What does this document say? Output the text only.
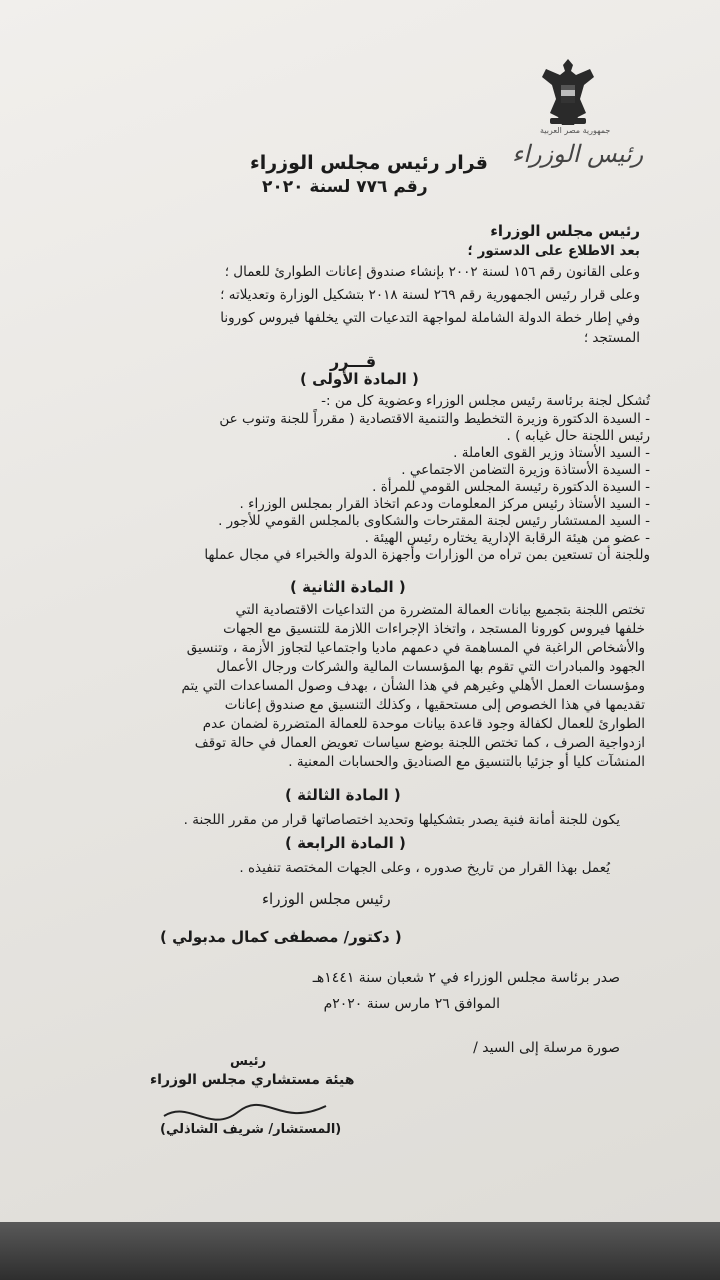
جمهورية مصر العربية
رئيس الوزراء
قرار رئيس مجلس الوزراء
رقم ٧٧٦ لسنة ٢٠٢٠
رئيس مجلس الوزراء
بعد الاطلاع على الدستور ؛
وعلى القانون رقم ١٥٦ لسنة ٢٠٠٢ بإنشاء صندوق إعانات الطوارئ للعمال ؛
وعلى قرار رئيس الجمهورية رقم ٢٦٩ لسنة ٢٠١٨ بتشكيل الوزارة وتعديلاته ؛
وفي إطار خطة الدولة الشاملة لمواجهة التدعيات التي يخلفها فيروس كورونا
المستجد ؛
قـــرر
( المادة الأولى )
تُشكل لجنة برئاسة رئيس مجلس الوزراء وعضوية كل من :-
- السيدة الدكتورة وزيرة التخطيط والتنمية الاقتصادية ( مقرراً للجنة وتنوب عن
رئيس اللجنة حال غيابه ) .
- السيد الأستاذ وزير القوى العاملة .
- السيدة الأستاذة وزيرة التضامن الاجتماعي .
- السيدة الدكتورة رئيسة المجلس القومي للمرأة .
- السيد الأستاذ رئيس مركز المعلومات ودعم اتخاذ القرار بمجلس الوزراء .
- السيد المستشار رئيس لجنة المقترحات والشكاوى بالمجلس القومي للأجور .
- عضو من هيئة الرقابة الإدارية يختاره رئيس الهيئة .
وللجنة أن تستعين بمن تراه من الوزارات وأجهزة الدولة والخبراء في مجال عملها
( المادة الثانية )
تختص اللجنة بتجميع بيانات العمالة المتضررة من التداعيات الاقتصادية التي
خلفها فيروس كورونا المستجد ، واتخاذ الإجراءات اللازمة للتنسيق مع الجهات
والأشخاص الراغبة في المساهمة في دعمهم ماديا واجتماعيا لتجاوز الأزمة ، وتنسيق
الجهود والمبادرات التي تقوم بها المؤسسات المالية والشركات ورجال الأعمال
ومؤسسات العمل الأهلي وغيرهم في هذا الشأن ، بهدف وصول المساعدات التي يتم
تقديمها في هذا الخصوص إلى مستحقيها ، وكذلك التنسيق مع صندوق إعانات
الطوارئ للعمال لكفالة وجود قاعدة بيانات موحدة للعمالة المتضررة لضمان عدم
ازدواجية الصرف ، كما تختص اللجنة بوضع سياسات تعويض العمال في حالة توقف
المنشآت كليا أو جزئيا بالتنسيق مع الصناديق والحسابات المعنية .
( المادة الثالثة )
يكون للجنة أمانة فنية يصدر بتشكيلها وتحديد اختصاصاتها قرار من مقرر اللجنة .
( المادة الرابعة )
يُعمل بهذا القرار من تاريخ صدوره ، وعلى الجهات المختصة تنفيذه .
رئيس مجلس الوزراء
( دكتور/ مصطفى كمال مدبولي )
صدر برئاسة مجلس الوزراء في ٢ شعبان سنة ١٤٤١هـ
الموافق ٢٦ مارس سنة ٢٠٢٠م
صورة مرسلة إلى السيد /
رئيس
هيئة مستشاري مجلس الوزراء
(المستشار/ شريف الشاذلي)
